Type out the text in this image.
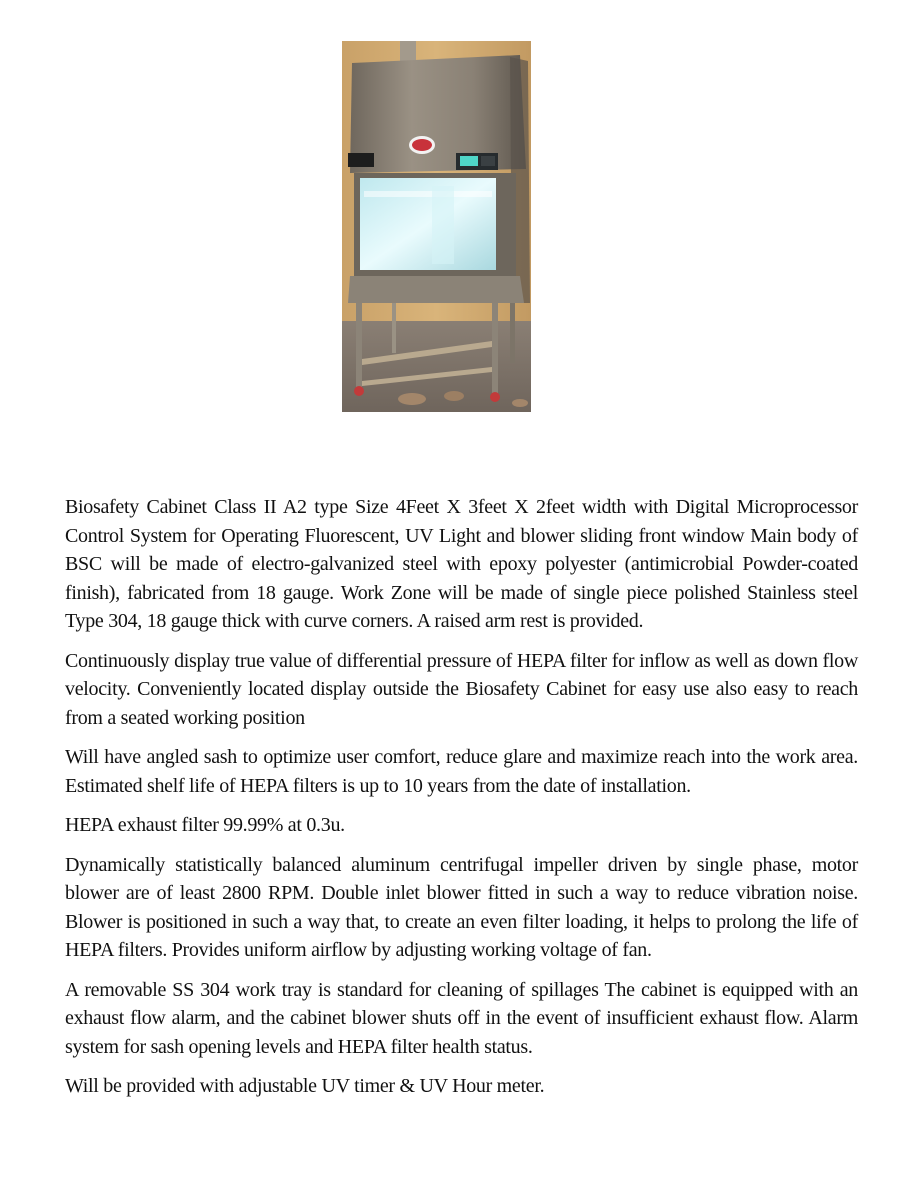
Biosafety Cabinet Class II A2 type Size 4Feet X 3feet X 2feet width with Digital Microprocessor Control System for Operating Fluorescent, UV Light and blower sliding front window Main body of BSC will be made of electro-galvanized steel with epoxy polyester (antimicrobial Powder-coated finish), fabricated from 18 gauge. Work Zone will be made of single piece polished Stainless steel Type 304, 18 gauge thick with curve corners. A raised arm rest is provided.

Continuously display true value of differential pressure of HEPA filter for inflow as well as down flow velocity. Conveniently located display outside the Biosafety Cabinet for easy use also easy to reach from a seated working position

Will have angled sash to optimize user comfort, reduce glare and maximize reach into the work area. Estimated shelf life of HEPA filters is up to 10 years from the date of installation.

HEPA exhaust filter 99.99% at 0.3u.

Dynamically statistically balanced aluminum centrifugal impeller driven by single phase, motor blower are of least 2800 RPM. Double inlet blower fitted in such a way to reduce vibration noise. Blower is positioned in such a way that, to create an even filter loading, it helps to prolong the life of HEPA filters. Provides uniform airflow by adjusting working voltage of fan.

A removable SS 304 work tray is standard for cleaning of spillages The cabinet is equipped with an exhaust flow alarm, and the cabinet blower shuts off in the event of insufficient exhaust flow. Alarm system for sash opening levels and HEPA filter health status.

Will be provided with adjustable UV timer & UV Hour meter.
